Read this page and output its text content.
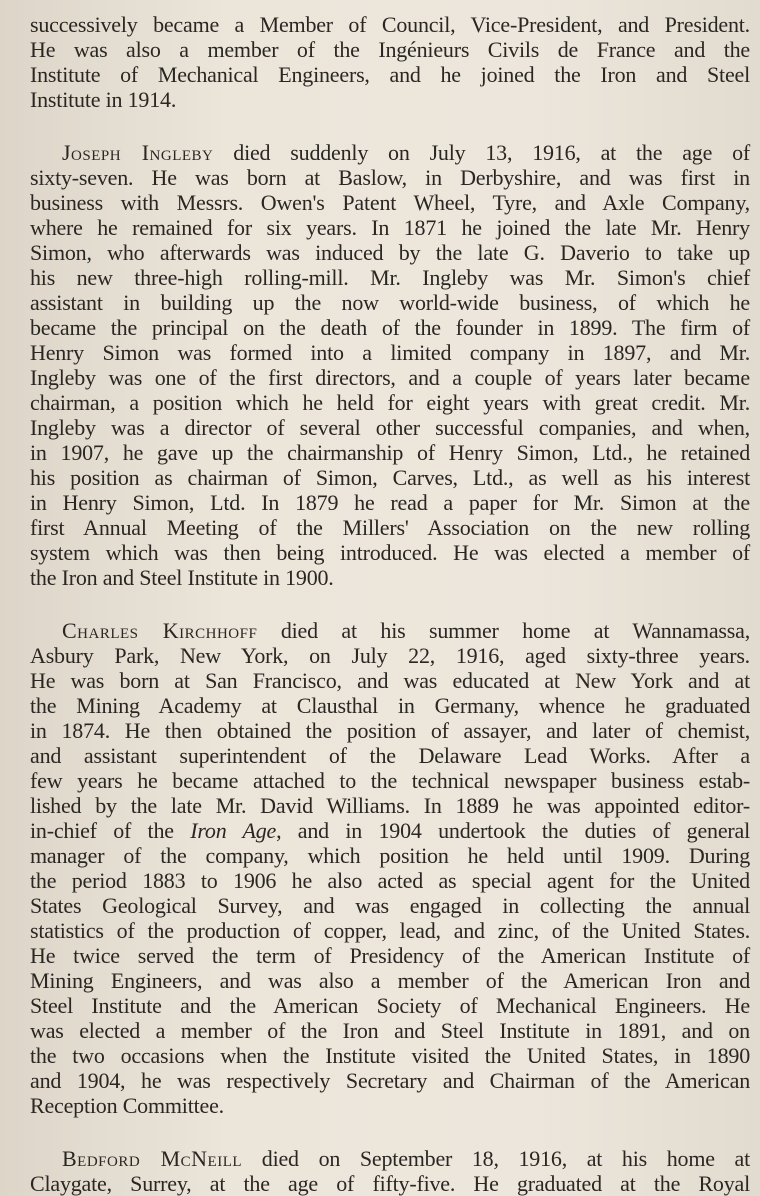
successively became a Member of Council, Vice-President, and President.
He was also a member of the Ingénieurs Civils de France and the
Institute of Mechanical Engineers, and he joined the Iron and Steel
Institute in 1914.
Joseph Ingleby died suddenly on July 13, 1916, at the age of
sixty-seven. He was born at Baslow, in Derbyshire, and was first in
business with Messrs. Owen's Patent Wheel, Tyre, and Axle Company,
where he remained for six years. In 1871 he joined the late Mr. Henry
Simon, who afterwards was induced by the late G. Daverio to take up
his new three-high rolling-mill. Mr. Ingleby was Mr. Simon's chief
assistant in building up the now world-wide business, of which he
became the principal on the death of the founder in 1899. The firm of
Henry Simon was formed into a limited company in 1897, and Mr.
Ingleby was one of the first directors, and a couple of years later became
chairman, a position which he held for eight years with great credit. Mr.
Ingleby was a director of several other successful companies, and when,
in 1907, he gave up the chairmanship of Henry Simon, Ltd., he retained
his position as chairman of Simon, Carves, Ltd., as well as his interest
in Henry Simon, Ltd. In 1879 he read a paper for Mr. Simon at the
first Annual Meeting of the Millers' Association on the new rolling
system which was then being introduced. He was elected a member of
the Iron and Steel Institute in 1900.
Charles Kirchhoff died at his summer home at Wannamassa,
Asbury Park, New York, on July 22, 1916, aged sixty-three years.
He was born at San Francisco, and was educated at New York and at
the Mining Academy at Clausthal in Germany, whence he graduated
in 1874. He then obtained the position of assayer, and later of chemist,
and assistant superintendent of the Delaware Lead Works. After a
few years he became attached to the technical newspaper business estab-
lished by the late Mr. David Williams. In 1889 he was appointed editor-
in-chief of the Iron Age, and in 1904 undertook the duties of general
manager of the company, which position he held until 1909. During
the period 1883 to 1906 he also acted as special agent for the United
States Geological Survey, and was engaged in collecting the annual
statistics of the production of copper, lead, and zinc, of the United States.
He twice served the term of Presidency of the American Institute of
Mining Engineers, and was also a member of the American Iron and
Steel Institute and the American Society of Mechanical Engineers. He
was elected a member of the Iron and Steel Institute in 1891, and on
the two occasions when the Institute visited the United States, in 1890
and 1904, he was respectively Secretary and Chairman of the American
Reception Committee.
Bedford McNeill died on September 18, 1916, at his home at
Claygate, Surrey, at the age of fifty-five. He graduated at the Royal
